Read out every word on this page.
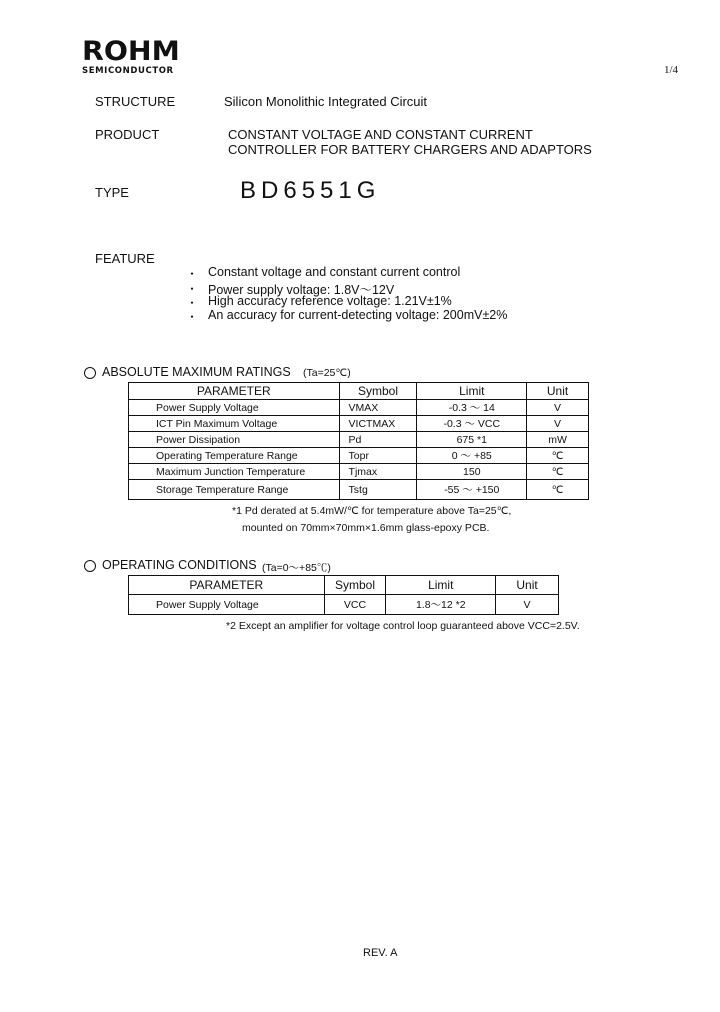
ROHM
SEMICONDUCTOR	1/4
STRUCTURE	Silicon Monolithic Integrated Circuit
PRODUCT	CONSTANT VOLTAGE AND CONSTANT CURRENT
CONTROLLER FOR BATTERY CHARGERS AND ADAPTORS
TYPE	BD6551G
FEATURE
・ Constant voltage and constant current control
・ Power supply voltage: 1.8V～12V
・ High accuracy reference voltage: 1.21V±1%
・ An accuracy for current-detecting voltage: 200mV±2%
ABSOLUTE MAXIMUM RATINGS (Ta=25℃)
PARAMETER	Symbol	Limit	Unit
Power Supply Voltage	VMAX	-0.3 ～ 14	V
ICT Pin Maximum Voltage	VICTMAX	-0.3 ～ VCC	V
Power Dissipation	Pd	675 *1	mW
Operating Temperature Range	Topr	0 ～ +85	℃
Maximum Junction Temperature	Tjmax	150	℃
Storage Temperature Range	Tstg	-55 ～ +150	℃
*1 Pd derated at 5.4mW/℃ for temperature above Ta=25℃,
mounted on 70mm×70mm×1.6mm glass-epoxy PCB.
OPERATING CONDITIONS (Ta=0～+85℃)
PARAMETER	Symbol	Limit	Unit
Power Supply Voltage	VCC	1.8～12 *2	V
*2 Except an amplifier for voltage control loop guaranteed above VCC=2.5V.
REV. A
